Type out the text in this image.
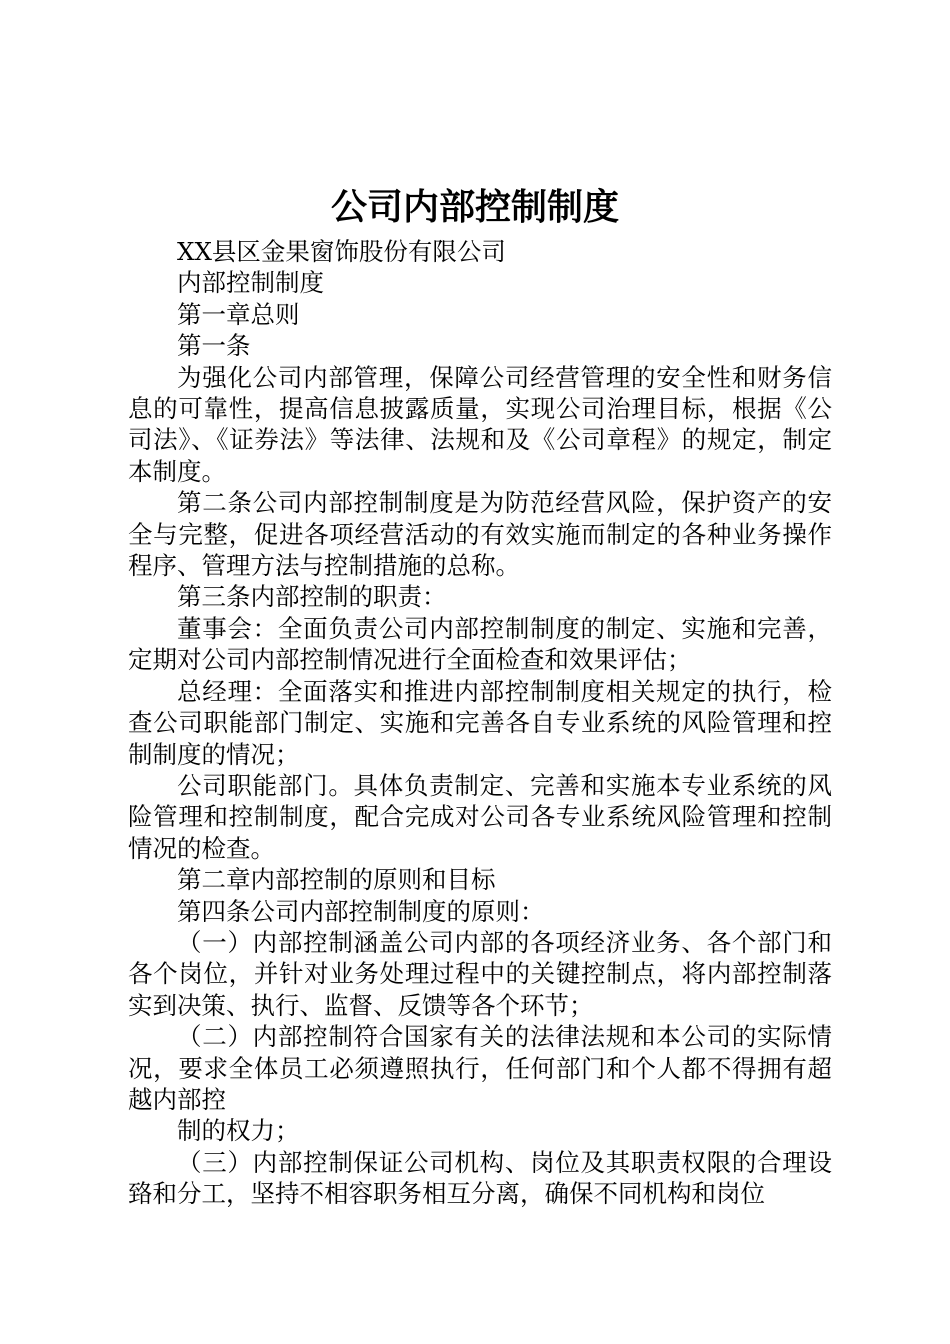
公司内部控制制度

XX县区金果窗饰股份有限公司

内部控制制度

第一章总则

第一条

为强化公司内部管理，保障公司经营管理的安全性和财务信息的可靠性，提高信息披露质量，实现公司治理目标，根据《公司法》、《证券法》等法律、法规和及《公司章程》的规定，制定本制度。

第二条公司内部控制制度是为防范经营风险，保护资产的安全与完整，促进各项经营活动的有效实施而制定的各种业务操作程序、管理方法与控制措施的总称。

第三条内部控制的职责：

董事会：全面负责公司内部控制制度的制定、实施和完善，定期对公司内部控制情况进行全面检查和效果评估；

总经理：全面落实和推进内部控制制度相关规定的执行，检查公司职能部门制定、实施和完善各自专业系统的风险管理和控制制度的情况；

公司职能部门。具体负责制定、完善和实施本专业系统的风险管理和控制制度，配合完成对公司各专业系统风险管理和控制情况的检查。

第二章内部控制的原则和目标

第四条公司内部控制制度的原则：

（一）内部控制涵盖公司内部的各项经济业务、各个部门和各个岗位，并针对业务处理过程中的关键控制点，将内部控制落实到决策、执行、监督、反馈等各个环节；

（二）内部控制符合国家有关的法律法规和本公司的实际情况，要求全体员工必须遵照执行，任何部门和个人都不得拥有超越内部控

制的权力；

（三）内部控制保证公司机构、岗位及其职责权限的合理设臵和分工，坚持不相容职务相互分离，确保不同机构和岗位
